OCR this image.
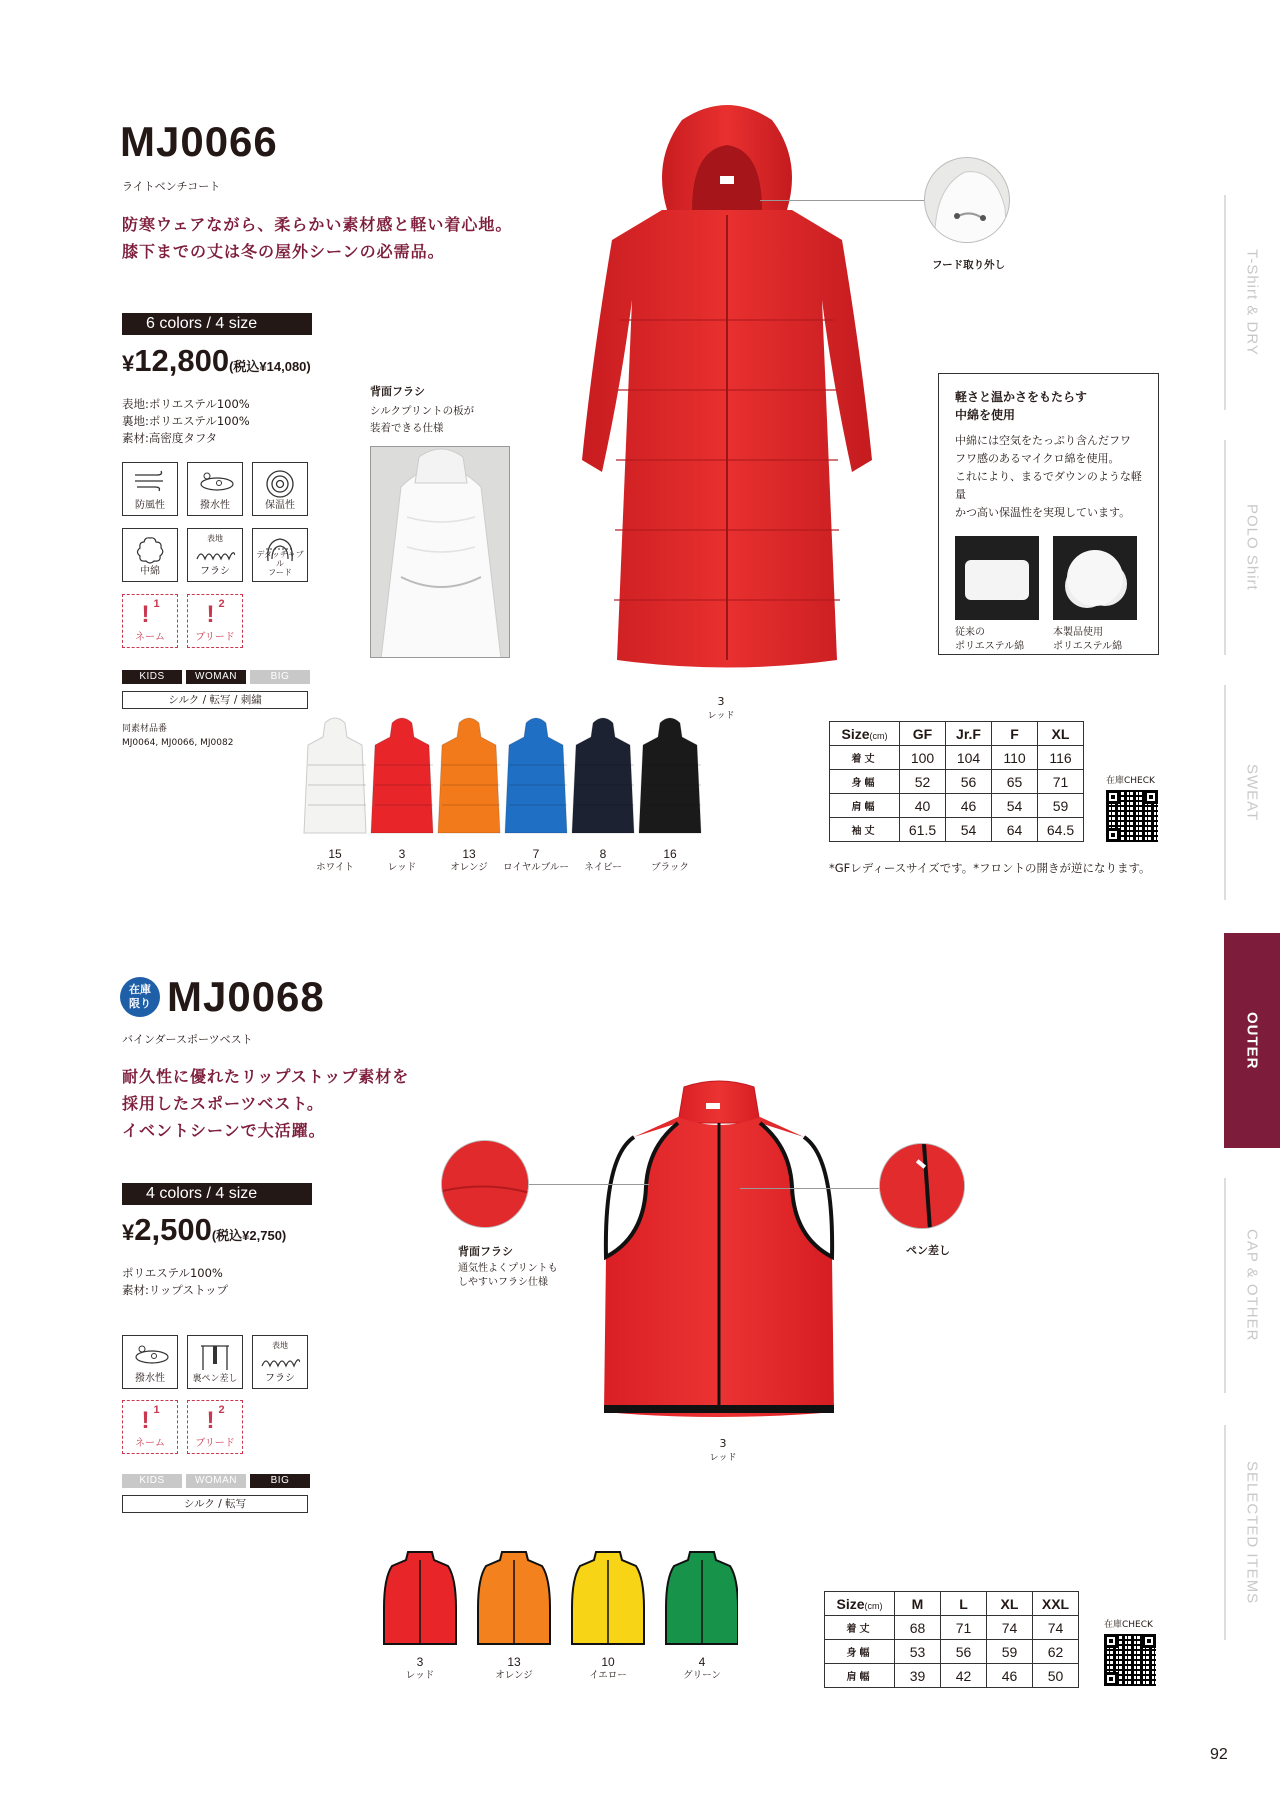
T-Shirt & DRY
POLO Shirt
SWEAT
OUTER
CAP & OTHER
SELECTED ITEMS
MJ0066
ライトベンチコート
防寒ウェアながら、柔らかい素材感と軽い着心地。
膝下までの丈は冬の屋外シーンの必需品。
6 colors / 4 size
¥12,800(税込¥14,080)
表地:ポリエステル100%
裏地:ポリエステル100%
素材:高密度タフタ
防風性	撥水性	保温性
中綿
表地
フラシ
デタッチャブル
フード
! $^1$
ネーム
! $^2$
ブリード
KIDS	WOMAN	BIG
シルク / 転写 / 刺繍
同素材品番
MJ0064, MJ0066, MJ0082
背面フラシ
シルクプリントの板が
装着できる仕様
3
レッド
フード取り外し
軽さと温かさをもたらす
中綿を使用
中綿には空気をたっぷり含んだフワ
フワ感のあるマイクロ綿を使用。
これにより、まるでダウンのような軽量
かつ高い保温性を実現しています。
従来の
ポリエステル綿
本製品使用
ポリエステル綿
15
ホワイト
3
レッド
13
オレンジ
7
ロイヤルブルー
8
ネイビー
16
ブラック
Size(cm)	GF	Jr.F	F	XL
着丈	100	104	110	116
身幅	52	56	65	71
肩幅	40	46	54	59
袖丈	61.5	54	64	64.5
在庫CHECK
*GFレディースサイズです。*フロントの開きが逆になります。
在庫
限り MJ0068
バインダースポーツベスト
耐久性に優れたリップストップ素材を
採用したスポーツベスト。
イベントシーンで大活躍。
4 colors / 4 size
¥2,500(税込¥2,750)
ポリエステル100%
素材:リップストップ
撥水性	裏ペン差し
表地
フラシ
! $^1$
ネーム
! $^2$
ブリード
KIDS	WOMAN	BIG
シルク / 転写
3
レッド
背面フラシ
通気性よくプリントも
しやすいフラシ仕様
ペン差し
3
レッド
13
オレンジ
10
イエロー
4
グリーン
Size(cm)	M	L	XL	XXL
着丈	68	71	74	74
身幅	53	56	59	62
肩幅	39	42	46	50
在庫CHECK
92
